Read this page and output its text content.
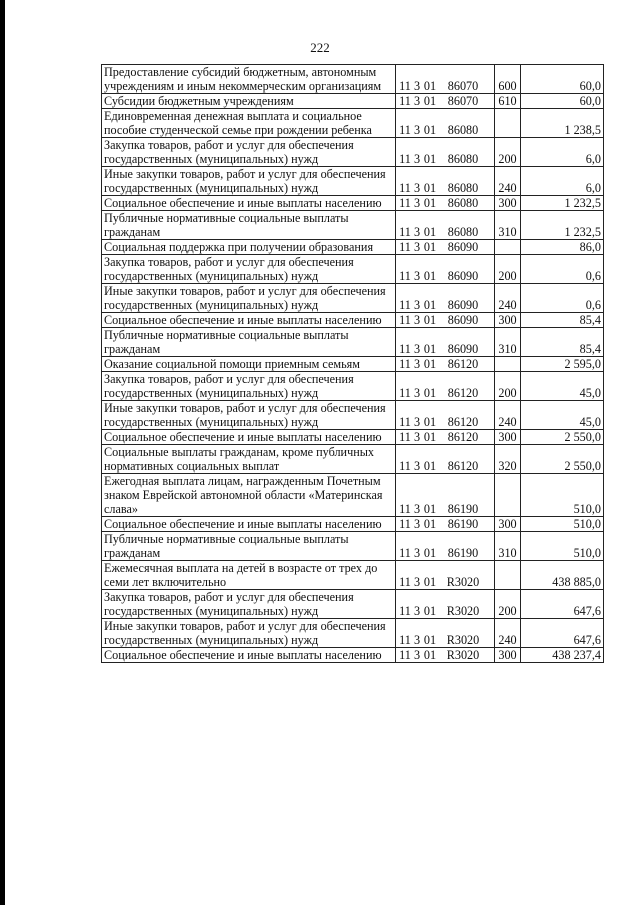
222
Предоставление субсидий бюджетным, автономным учреждениям и иным некоммерческим организациям	11 3 01 86070	600	60,0
Субсидии бюджетным учреждениям	11 3 01 86070	610	60,0
Единовременная денежная выплата и социальное пособие студенческой семье при рождении ребенка	11 3 01 86080		1 238,5
Закупка товаров, работ и услуг для обеспечения государственных (муниципальных) нужд	11 3 01 86080	200	6,0
Иные закупки товаров, работ и услуг для обеспечения государственных (муниципальных) нужд	11 3 01 86080	240	6,0
Социальное обеспечение и иные выплаты населению	11 3 01 86080	300	1 232,5
Публичные нормативные социальные выплаты гражданам	11 3 01 86080	310	1 232,5
Социальная поддержка при получении образования	11 3 01 86090		86,0
Закупка товаров, работ и услуг для обеспечения государственных (муниципальных) нужд	11 3 01 86090	200	0,6
Иные закупки товаров, работ и услуг для обеспечения государственных (муниципальных) нужд	11 3 01 86090	240	0,6
Социальное обеспечение и иные выплаты населению	11 3 01 86090	300	85,4
Публичные нормативные социальные выплаты гражданам	11 3 01 86090	310	85,4
Оказание социальной помощи приемным семьям	11 3 01 86120		2 595,0
Закупка товаров, работ и услуг для обеспечения государственных (муниципальных) нужд	11 3 01 86120	200	45,0
Иные закупки товаров, работ и услуг для обеспечения государственных (муниципальных) нужд	11 3 01 86120	240	45,0
Социальное обеспечение и иные выплаты населению	11 3 01 86120	300	2 550,0
Социальные выплаты гражданам, кроме публичных нормативных социальных выплат	11 3 01 86120	320	2 550,0
Ежегодная выплата лицам, награжденным Почетным знаком Еврейской автономной области «Материнская слава»	11 3 01 86190		510,0
Социальное обеспечение и иные выплаты населению	11 3 01 86190	300	510,0
Публичные нормативные социальные выплаты гражданам	11 3 01 86190	310	510,0
Ежемесячная выплата на детей в возрасте от трех до семи лет включительно	11 3 01 R3020		438 885,0
Закупка товаров, работ и услуг для обеспечения государственных (муниципальных) нужд	11 3 01 R3020	200	647,6
Иные закупки товаров, работ и услуг для обеспечения государственных (муниципальных) нужд	11 3 01 R3020	240	647,6
Социальное обеспечение и иные выплаты населению	11 3 01 R3020	300	438 237,4
